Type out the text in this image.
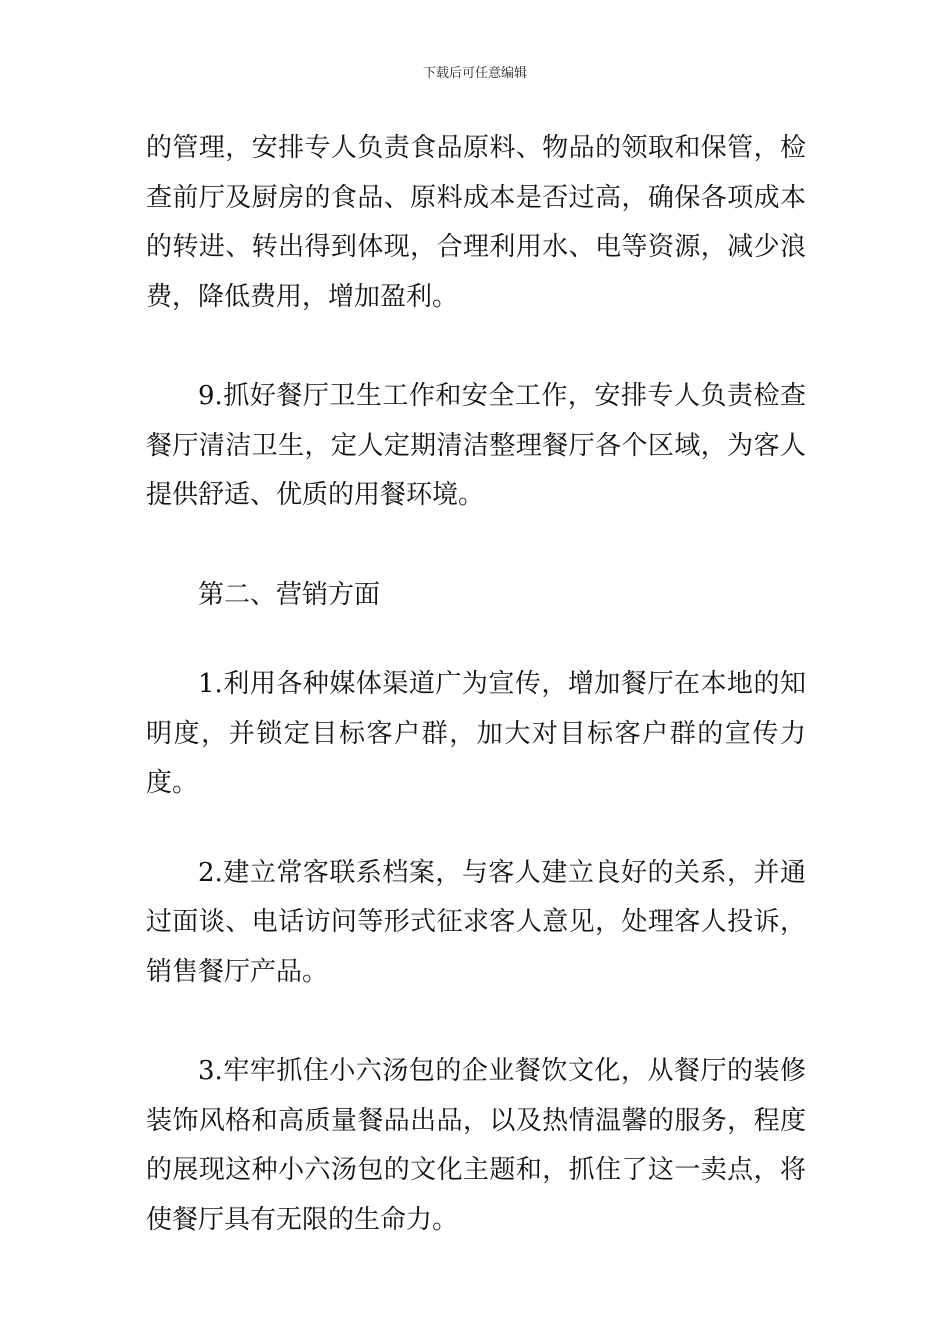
下载后可任意编辑

的管理，安排专人负责食品原料、物品的领取和保管，检查前厅及厨房的食品、原料成本是否过高，确保各项成本的转进、转出得到体现，合理利用水、电等资源，减少浪费，降低费用，增加盈利。

9.抓好餐厅卫生工作和安全工作，安排专人负责检查餐厅清洁卫生，定人定期清洁整理餐厅各个区域，为客人提供舒适、优质的用餐环境。

第二、营销方面

1.利用各种媒体渠道广为宣传，增加餐厅在本地的知明度，并锁定目标客户群，加大对目标客户群的宣传力度。

2.建立常客联系档案，与客人建立良好的关系，并通过面谈、电话访问等形式征求客人意见，处理客人投诉，销售餐厅产品。

3.牢牢抓住小六汤包的企业餐饮文化，从餐厅的装修装饰风格和高质量餐品出品，以及热情温馨的服务，程度的展现这种小六汤包的文化主题和，抓住了这一卖点，将使餐厅具有无限的生命力。
